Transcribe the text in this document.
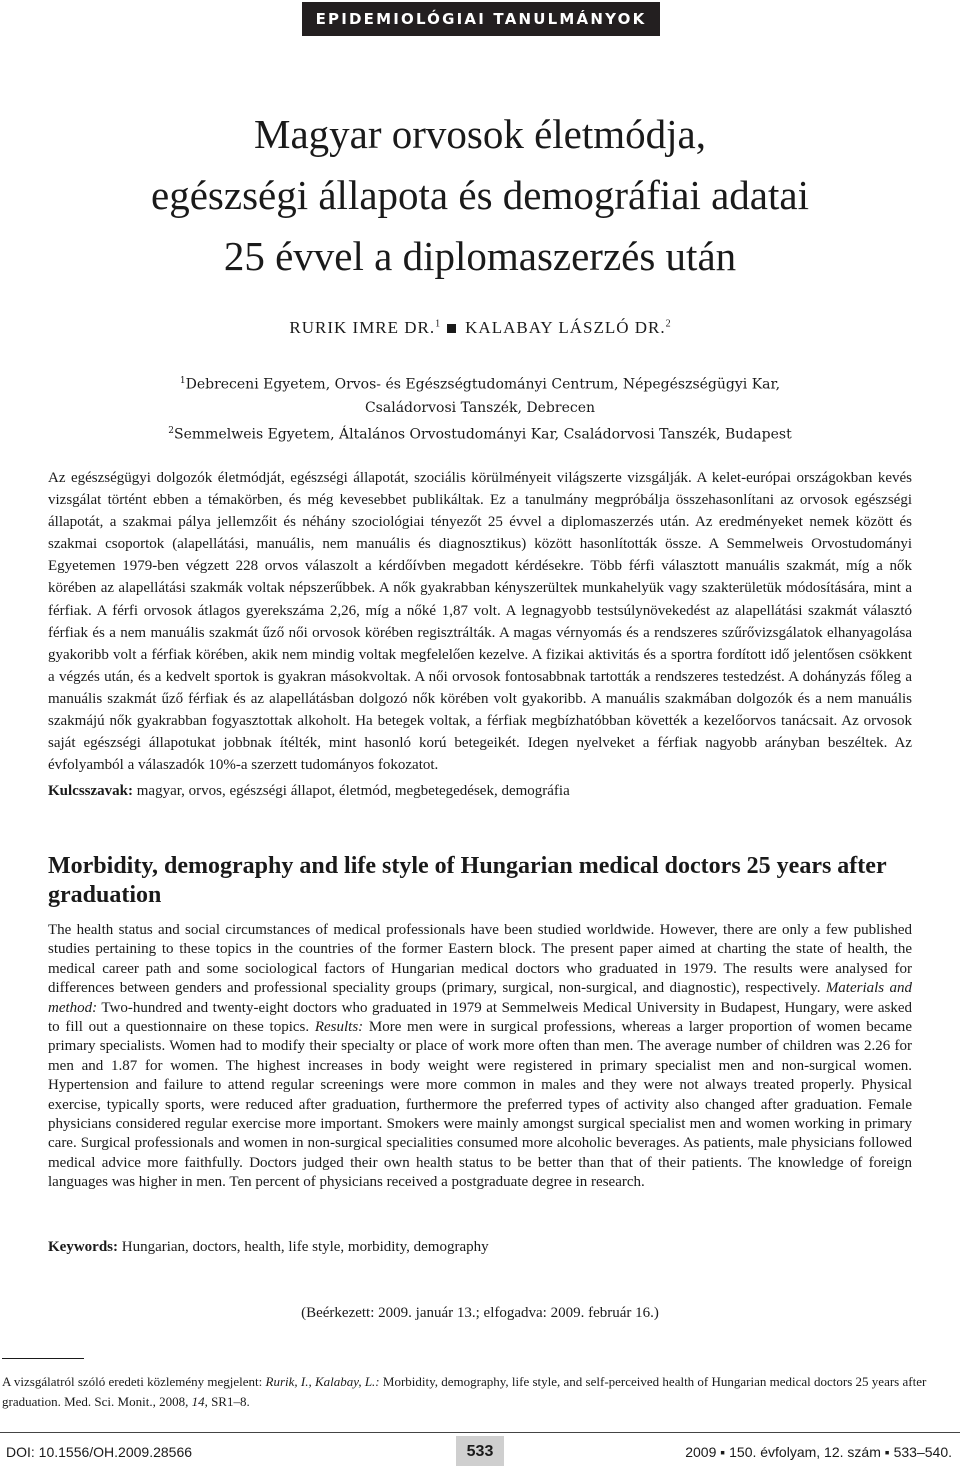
EPIDEMIOLÓGIAI TANULMÁNYOK
Magyar orvosok életmódja,
egészségi állapota és demográfiai adatai
25 évvel a diplomaszerzés után
RURIK IMRE DR.$^1$ KALABAY LÁSZLÓ DR.$^2$
$^1$Debreceni Egyetem, Orvos- és Egészségtudományi Centrum, Népegészségügyi Kar,
Családorvosi Tanszék, Debrecen
$^2$Semmelweis Egyetem, Általános Orvostudományi Kar, Családorvosi Tanszék, Budapest

Az egészségügyi dolgozók életmódját, egészségi állapotát, szociális körülményeit világszerte vizsgálják. A kelet-európai országokban kevés vizsgálat történt ebben a témakörben, és még kevesebbet publikáltak. Ez a tanulmány megpróbálja összehasonlítani az orvosok egészségi állapotát, a szakmai pálya jellemzőit és néhány szociológiai tényezőt 25 évvel a diplomaszerzés után. Az eredményeket nemek között és szakmai csoportok (alapellátási, manuális, nem manuális és diagnosztikus) között hasonlították össze. A Semmelweis Orvostudományi Egyetemen 1979-ben végzett 228 orvos válaszolt a kérdőívben megadott kérdésekre. Több férfi választott manuális szakmát, míg a nők körében az alapellátási szakmák voltak népszerűbbek. A nők gyakrabban kényszerültek munkahelyük vagy szakterületük módosítására, mint a férfiak. A férfi orvosok átlagos gyerekszáma 2,26, míg a nőké 1,87 volt. A legnagyobb testsúlynövekedést az alapellátási szakmát választó férfiak és a nem manuális szakmát űző női orvosok körében regisztrálták. A magas vérnyomás és a rendszeres szűrővizsgálatok elhanyagolása gyakoribb volt a férfiak körében, akik nem mindig voltak megfelelően kezelve. A fizikai aktivitás és a sportra fordított idő jelentősen csökkent a végzés után, és a kedvelt sportok is gyakran másokvoltak. A női orvosok fontosabbnak tartották a rendszeres testedzést. A dohányzás főleg a manuális szakmát űző férfiak és az alapellátásban dolgozó nők körében volt gyakoribb. A manuális szakmában dolgozók és a nem manuális szakmájú nők gyakrabban fogyasztottak alkoholt. Ha betegek voltak, a férfiak megbízhatóbban követték a kezelőorvos tanácsait. Az orvosok saját egészségi állapotukat jobbnak ítélték, mint hasonló korú betegeikét. Idegen nyelveket a férfiak nagyobb arányban beszéltek. Az évfolyamból a válaszadók 10%-a szerzett tudományos fokozatot.

Kulcsszavak: magyar, orvos, egészségi állapot, életmód, megbetegedések, demográfia

Morbidity, demography and life style of Hungarian medical doctors 25 years after graduation

The health status and social circumstances of medical professionals have been studied worldwide. However, there are only a few published studies pertaining to these topics in the countries of the former Eastern block. The present paper aimed at charting the state of health, the medical career path and some sociological factors of Hungarian medical doctors who graduated in 1979. The results were analysed for differences between genders and professional speciality groups (primary, surgical, non-surgical, and diagnostic), respectively. Materials and method: Two-hundred and twenty-eight doctors who graduated in 1979 at Semmelweis Medical University in Budapest, Hungary, were asked to fill out a questionnaire on these topics. Results: More men were in surgical professions, whereas a larger proportion of women became primary specialists. Women had to modify their specialty or place of work more often than men. The average number of children was 2.26 for men and 1.87 for women. The highest increases in body weight were registered in primary specialist men and non-surgical women. Hypertension and failure to attend regular screenings were more common in males and they were not always treated properly. Physical exercise, typically sports, were reduced after graduation, furthermore the preferred types of activity also changed after graduation. Female physicians considered regular exercise more important. Smokers were mainly amongst surgical specialist men and women working in primary care. Surgical professionals and women in non-surgical specialities consumed more alcoholic beverages. As patients, male physicians followed medical advice more faithfully. Doctors judged their own health status to be better than that of their patients. The knowledge of foreign languages was higher in men. Ten percent of physicians received a postgraduate degree in research.

Keywords: Hungarian, doctors, health, life style, morbidity, demography

(Beérkezett: 2009. január 13.; elfogadva: 2009. február 16.)

A vizsgálatról szóló eredeti közlemény megjelent: Rurik, I., Kalabay, L.: Morbidity, demography, life style, and self-perceived health of Hungarian medical doctors 25 years after graduation. Med. Sci. Monit., 2008, 14, SR1–8.

DOI: 10.1556/OH.2009.28566	533	2009 ▪ 150. évfolyam, 12. szám ▪ 533–540.
